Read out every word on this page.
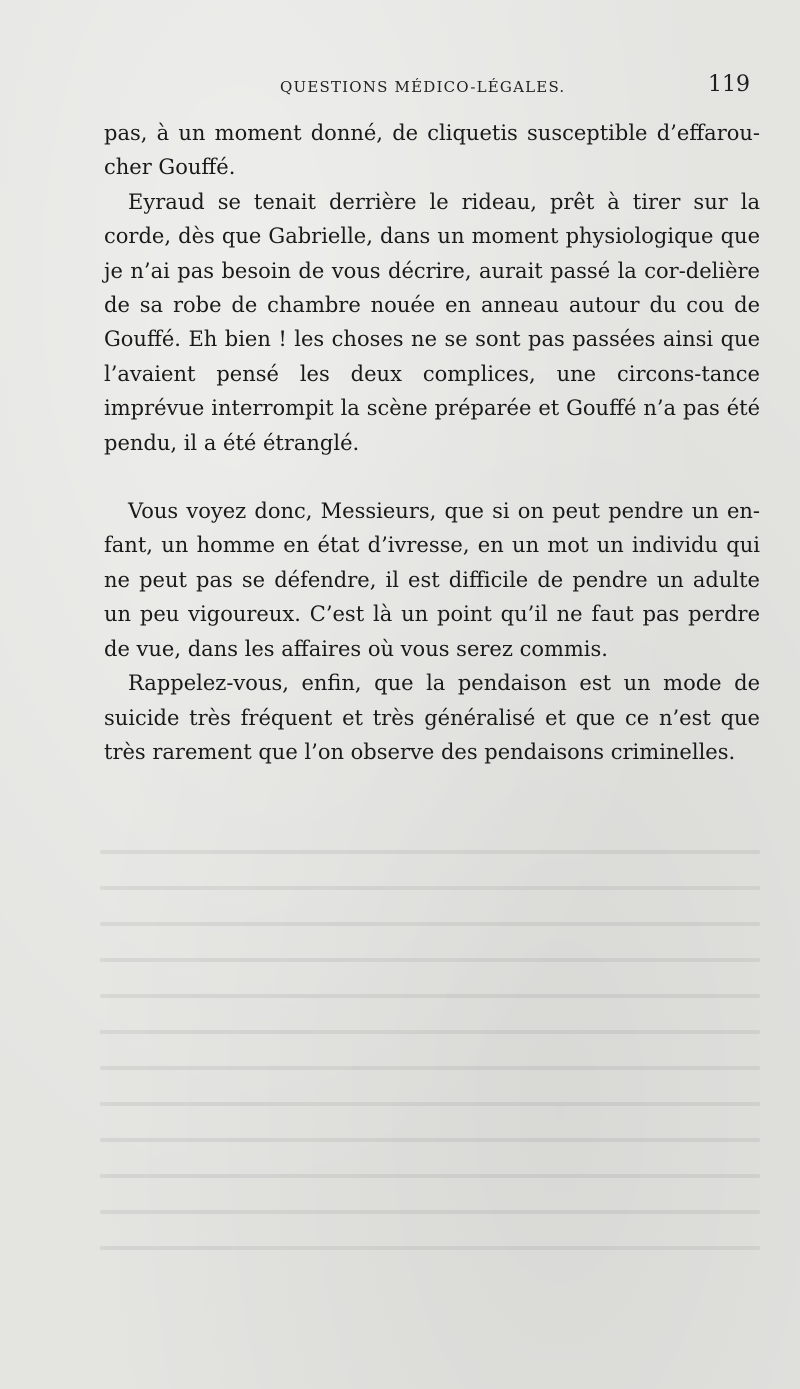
QUESTIONS MÉDICO-LÉGALES.	119

pas, à un moment donné, de cliquetis susceptible d’effarou-cher Gouffé.

Eyraud se tenait derrière le rideau, prêt à tirer sur la corde, dès que Gabrielle, dans un moment physiologique que je n’ai pas besoin de vous décrire, aurait passé la cor-delière de sa robe de chambre nouée en anneau autour du cou de Gouffé. Eh bien ! les choses ne se sont pas passées ainsi que l’avaient pensé les deux complices, une circons-tance imprévue interrompit la scène préparée et Gouffé n’a pas été pendu, il a été étranglé.

Vous voyez donc, Messieurs, que si on peut pendre un en-fant, un homme en état d’ivresse, en un mot un individu qui ne peut pas se défendre, il est difficile de pendre un adulte un peu vigoureux. C’est là un point qu’il ne faut pas perdre de vue, dans les affaires où vous serez commis.

Rappelez-vous, enfin, que la pendaison est un mode de suicide très fréquent et très généralisé et que ce n’est que très rarement que l’on observe des pendaisons criminelles.
